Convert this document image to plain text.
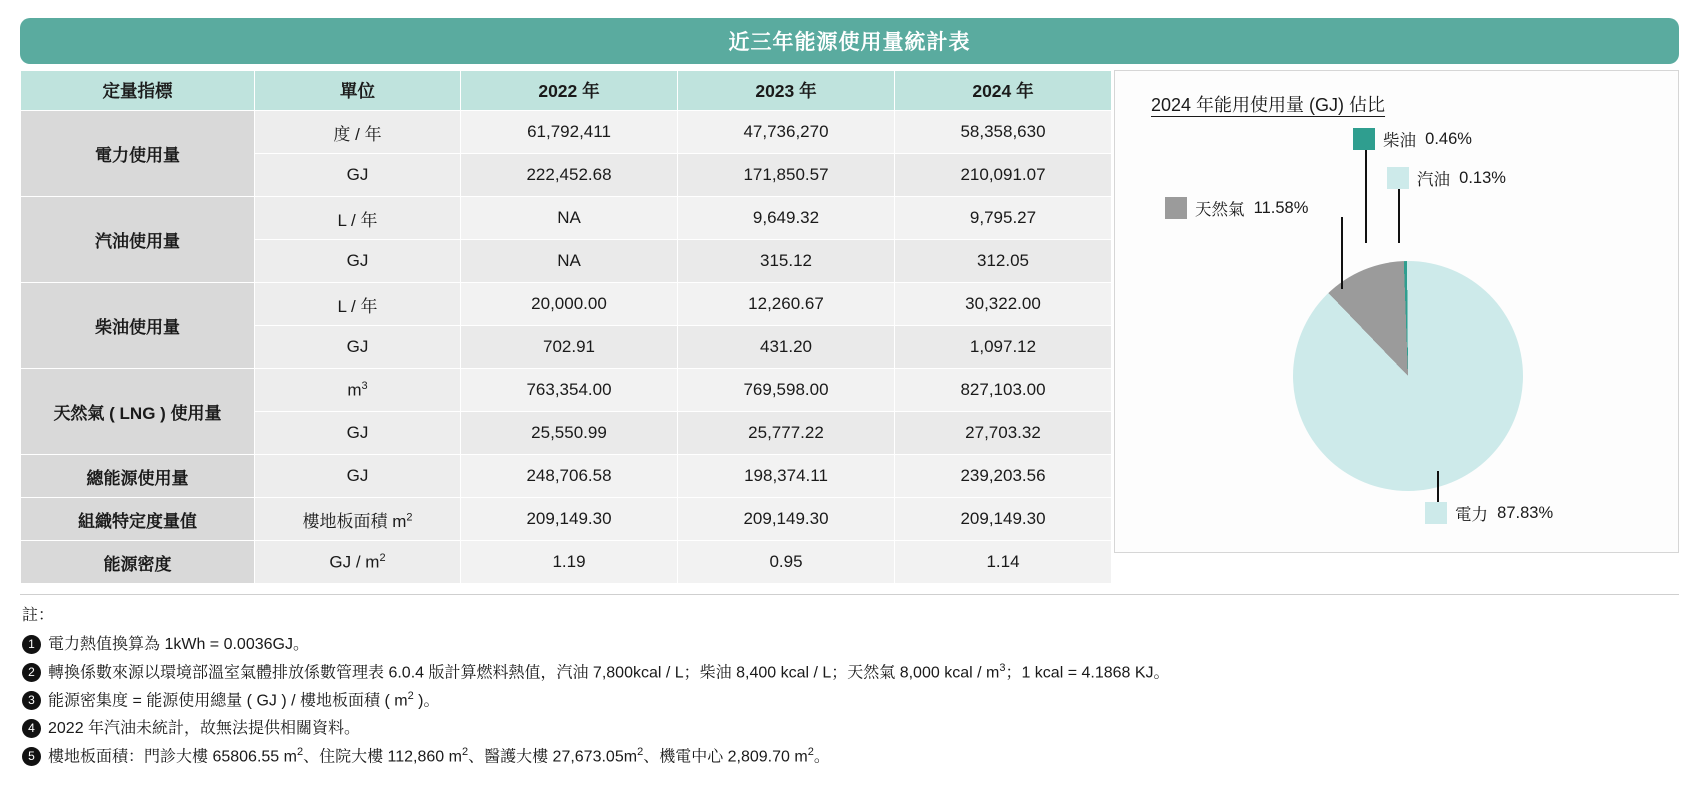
近三年能源使用量統計表
定量指標	單位	2022 年	2023 年	2024 年
電力使用量	度 / 年	61,792,411	47,736,270	58,358,630
	GJ	222,452.68	171,850.57	210,091.07
汽油使用量	L / 年	NA	9,649.32	9,795.27
	GJ	NA	315.12	312.05
柴油使用量	L / 年	20,000.00	12,260.67	30,322.00
	GJ	702.91	431.20	1,097.12
天然氣 ( LNG ) 使用量	$m^3$	763,354.00	769,598.00	827,103.00
	GJ	25,550.99	25,777.22	27,703.32
總能源使用量	GJ	248,706.58	198,374.11	239,203.56
組織特定度量值	樓地板面積 $m^2$	209,149.30	209,149.30	209,149.30
能源密度	GJ / $m^2$	1.19	0.95	1.14
2024 年能用使用量 (GJ) 佔比
柴油
0.46%
汽油
0.13%
天然氣
11.58%
電力
87.83%
註：
1 電力熱值換算為 1kWh = 0.0036GJ。
2 轉換係數來源以環境部溫室氣體排放係數管理表 6.0.4 版計算燃料熱值，汽油 7,800kcal / L；柴油 8,400 kcal / L；天然氣 8,000 kcal / $m^3$；1 kcal = 4.1868 KJ。
3 能源密集度 = 能源使用總量 ( GJ ) / 樓地板面積 ( $m^2$ )。
4 2022 年汽油未統計，故無法提供相關資料。
5 樓地板面積：門診大樓 65806.55 $m^2$、住院大樓 112,860 $m^2$、醫護大樓 $27,673.05m^2$、機電中心 2,809.70 $m^2$。
